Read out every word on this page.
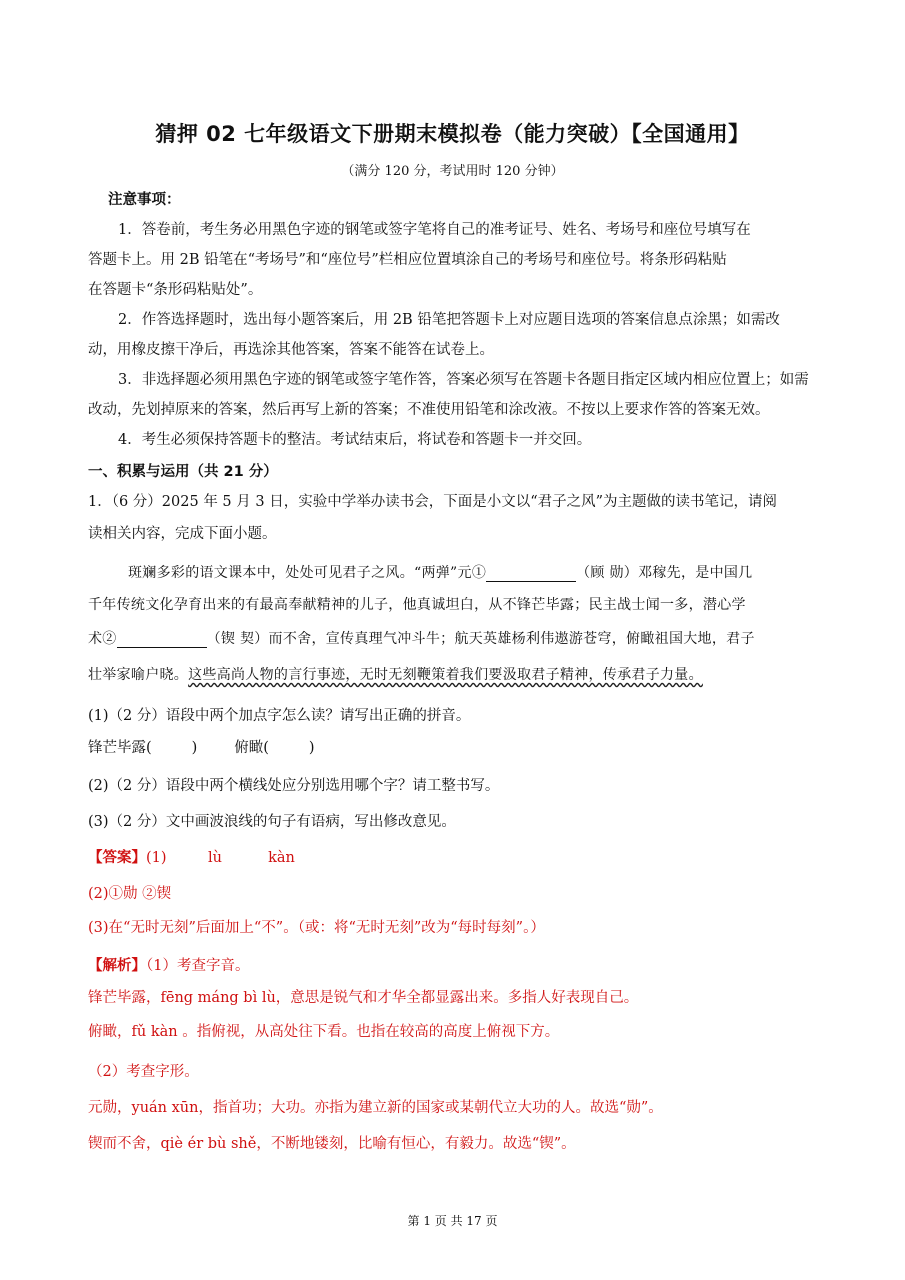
猜押 02 七年级语文下册期末模拟卷（能力突破）【全国通用】
（满分 120 分，考试用时 120 分钟）
注意事项：
1．答卷前，考生务必用黑色字迹的钢笔或签字笔将自己的准考证号、姓名、考场号和座位号填写在
答题卡上。用 2B 铅笔在“考场号”和“座位号”栏相应位置填涂自己的考场号和座位号。将条形码粘贴
在答题卡“条形码粘贴处”。
2．作答选择题时，选出每小题答案后，用 2B 铅笔把答题卡上对应题目选项的答案信息点涂黑；如需改
动，用橡皮擦干净后，再选涂其他答案，答案不能答在试卷上。
3．非选择题必须用黑色字迹的钢笔或签字笔作答，答案必须写在答题卡各题目指定区域内相应位置上；如需
改动，先划掉原来的答案，然后再写上新的答案；不准使用铅笔和涂改液。不按以上要求作答的答案无效。
4．考生必须保持答题卡的整洁。考试结束后，将试卷和答题卡一并交回。
一、积累与运用（共 21 分）
1．（6 分）2025 年 5 月 3 日，实验中学举办读书会，下面是小文以“君子之风”为主题做的读书笔记，请阅
读相关内容，完成下面小题。
斑斓多彩的语文课本中，处处可见君子之风。“两弹”元①	（顾 勋）邓稼先，是中国几
千年传统文化孕育出来的有最高奉献精神的儿子，他真诚坦白，从不锋芒毕露；民主战士闻一多，潜心学
术②	（锲 契）而不舍，宣传真理气冲斗牛；航天英雄杨利伟遨游苍穹，俯瞰祖国大地，君子
壮举家喻户晓。这些高尚人物的言行事迹，无时无刻鞭策着我们要汲取君子精神，传承君子力量。
(1)（2 分）语段中两个加点字怎么读？请写出正确的拼音。
锋芒毕露(	)	俯瞰(	)
(2)（2 分）语段中两个横线处应分别选用哪个字？请工整书写。
(3)（2 分）文中画波浪线的句子有语病，写出修改意见。
【答案】(1)	lù	kàn
(2)①勋 ②锲
(3)在“无时无刻”后面加上“不”。（或：将“无时无刻”改为“每时每刻”。）
【解析】（1）考查字音。
锋芒毕露，fēng máng bì lù，意思是锐气和才华全都显露出来。多指人好表现自己。
俯瞰，fǔ kàn 。指俯视，从高处往下看。也指在较高的高度上俯视下方。
（2）考查字形。
元勋，yuán xūn，指首功；大功。亦指为建立新的国家或某朝代立大功的人。故选“勋”。
锲而不舍，qiè ér bù shě，不断地镂刻，比喻有恒心，有毅力。故选“锲”。
第 1 页 共 17 页
